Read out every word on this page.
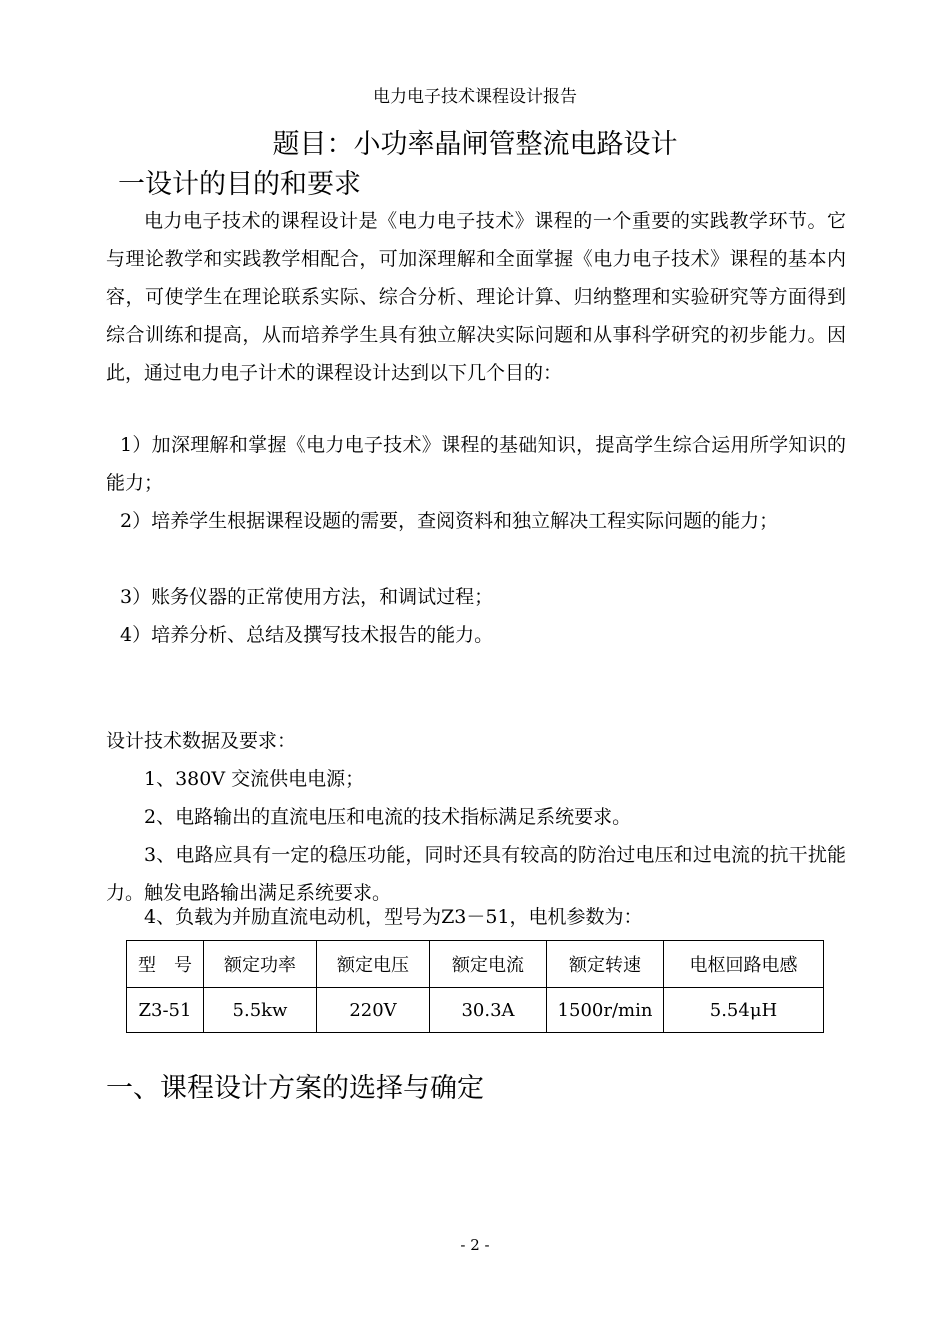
电力电子技术课程设计报告
题目：小功率晶闸管整流电路设计
一设计的目的和要求
电力电子技术的课程设计是《电力电子技术》课程的一个重要的实践教学环节。它与理论教学和实践教学相配合，可加深理解和全面掌握《电力电子技术》课程的基本内容，可使学生在理论联系实际、综合分析、理论计算、归纳整理和实验研究等方面得到综合训练和提高，从而培养学生具有独立解决实际问题和从事科学研究的初步能力。因此，通过电力电子计术的课程设计达到以下几个目的：
1）加深理解和掌握《电力电子技术》课程的基础知识，提高学生综合运用所学知识的能力；
2）培养学生根据课程设题的需要，查阅资料和独立解决工程实际问题的能力；
3）账务仪器的正常使用方法，和调试过程；
4）培养分析、总结及撰写技术报告的能力。
设计技术数据及要求：
1、380V 交流供电电源；
2、电路输出的直流电压和电流的技术指标满足系统要求。
3、电路应具有一定的稳压功能，同时还具有较高的防治过电压和过电流的抗干扰能力。触发电路输出满足系统要求。
4、负载为并励直流电动机，型号为Z3－51，电机参数为：
型　号	额定功率	额定电压	额定电流	额定转速	电枢回路电感
Z3-51	5.5kw	220V	30.3A	1500r/min	5.54μH
一、课程设计方案的选择与确定
- 2 -
